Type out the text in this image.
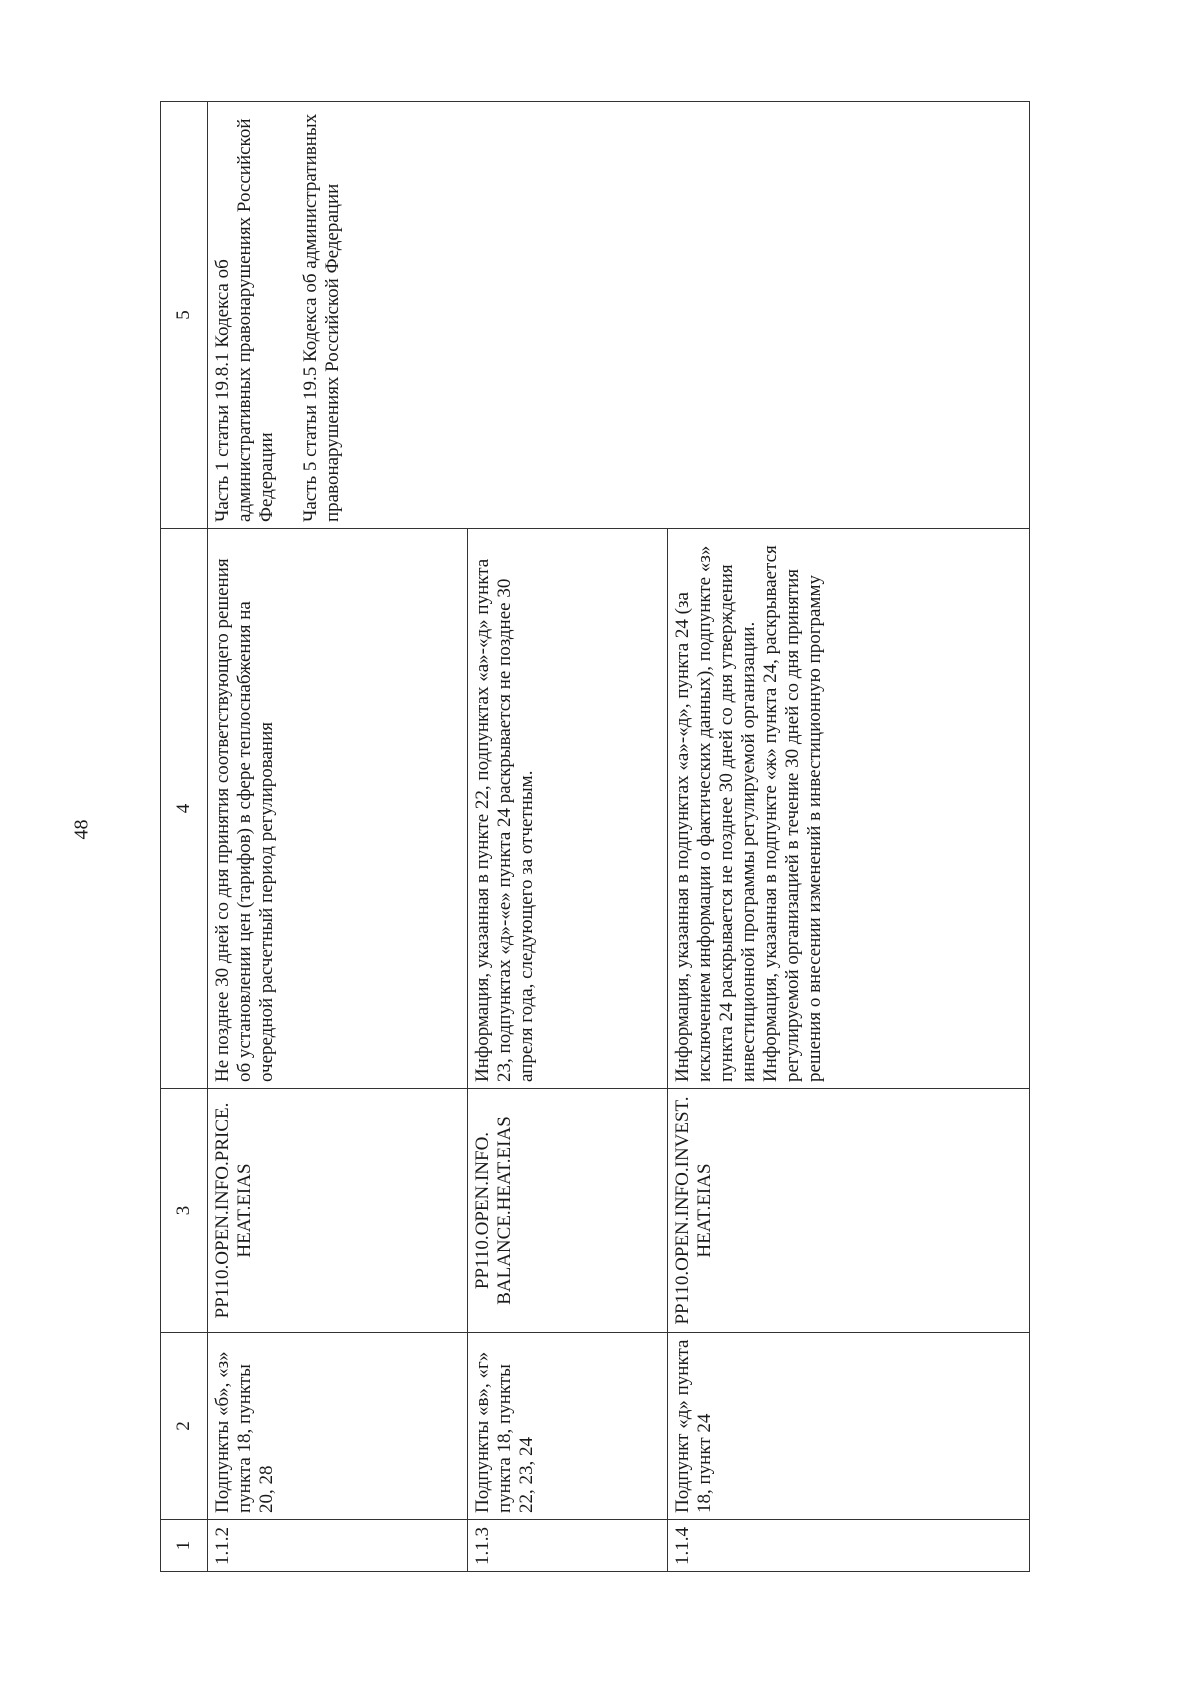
48
1	2	3	4	5
1.1.2	Подпункты «б», «з» пункта 18, пункты 20, 28	PP110.OPEN.INFO.PRICE. HEAT.EIAS	Не позднее 30 дней со дня принятия соответствующего решения об установлении цен (тарифов) в сфере теплоснабжения на очередной расчетный период регулирования	Часть 1 статьи 19.8.1 Кодекса об административных правонарушениях Российской Федерации Часть 5 статьи 19.5 Кодекса об административных правонарушениях Российской Федерации

1.1.3	Подпункты «в», «г» пункта 18, пункты 22, 23, 24	PP110.OPEN.INFO. BALANCE.HEAT.EIAS	Информация, указанная в пункте 22, подпунктах «а»-«д» пункта 23, подпунктах «д»-«е» пункта 24 раскрывается не позднее 30 апреля года, следующего за отчетным.	
1.1.4	Подпункт «д» пункта 18, пункт 24	PP110.OPEN.INFO.INVEST. HEAT.EIAS	Информация, указанная в подпунктах «а»-«д», пункта 24 (за исключением информации о фактических данных), подпункте «з» пункта 24 раскрывается не позднее 30 дней со дня утверждения инвестиционной программы регулируемой организации. Информация, указанная в подпункте «ж» пункта 24, раскрывается регулируемой организацией в течение 30 дней со дня принятия решения о внесении изменений в инвестиционную программу	
